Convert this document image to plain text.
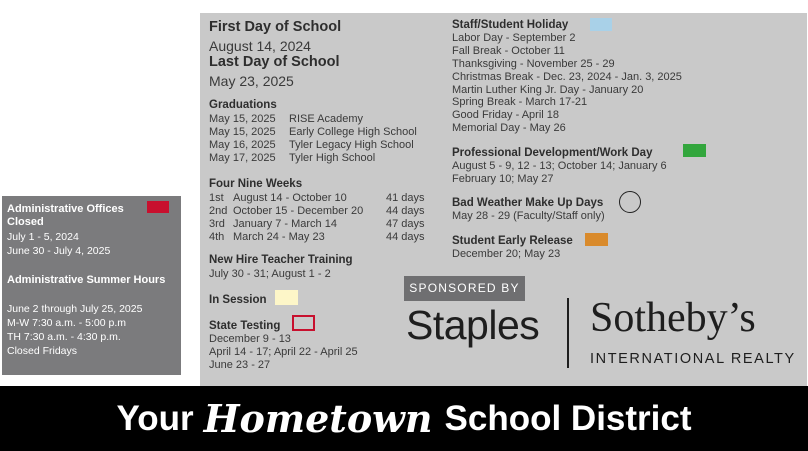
Administrative Offices Closed
July 1 - 5, 2024
June 30 - July 4, 2025
Administrative Summer Hours
June 2 through July 25, 2025
M-W 7:30 a.m. - 5:00 p.m
TH 7:30 a.m. - 4:30 p.m.
Closed Fridays
First Day of School
August 14, 2024
Last Day of School
May 23, 2025
Graduations
May 15, 2025 RISE Academy
May 15, 2025 Early College High School
May 16, 2025 Tyler Legacy High School
May 17, 2025 Tyler High School
Four Nine Weeks
1st August 14 - October 10	41 days
2nd October 15 - December 20 44 days
3rd January 7 - March 14	47 days
4th March 24 - May 23	44 days
New Hire Teacher Training
July 30 - 31; August 1 - 2
In Session
State Testing
December 9 - 13
April 14 - 17; April 22 - April 25
June 23 - 27
Staff/Student Holiday
Labor Day - September 2
Fall Break - October 11
Thanksgiving - November 25 - 29
Christmas Break - Dec. 23, 2024 - Jan. 3, 2025
Martin Luther King Jr. Day - January 20
Spring Break - March 17-21
Good Friday - April 18
Memorial Day - May 26
Professional Development/Work Day
August 5 - 9, 12 - 13; October 14; January 6
February 10; May 27
Bad Weather Make Up Days
May 28 - 29 (Faculty/Staff only)
Student Early Release
December 20; May 23
SPONSORED BY
Staples Sotheby’s
INTERNATIONAL REALTY
Your Hometown School District
